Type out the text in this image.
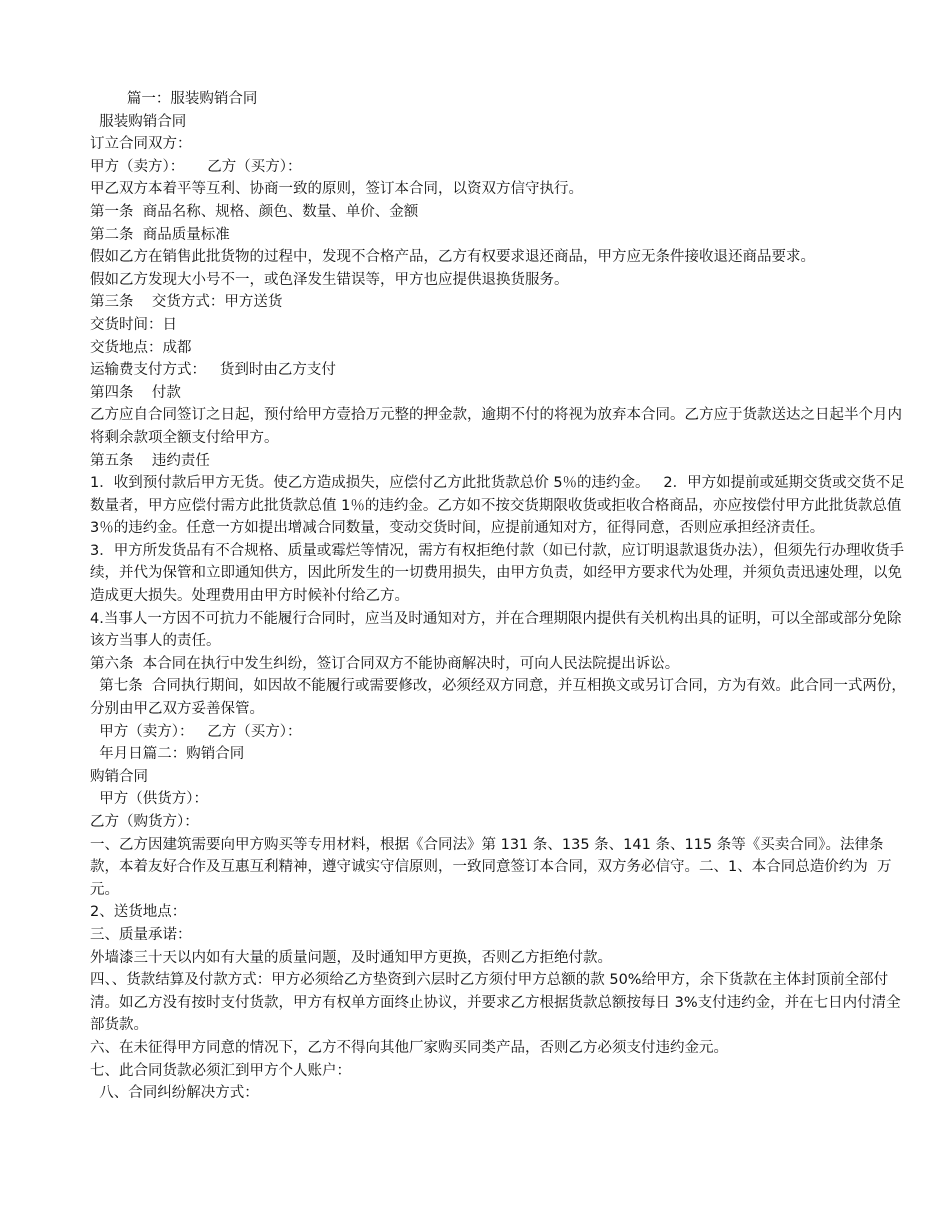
篇一：服装购销合同

服装购销合同

订立合同双方：

甲方（卖方）：     乙方（买方）：

甲乙双方本着平等互利、协商一致的原则，签订本合同，以资双方信守执行。

第一条  商品名称、规格、颜色、数量、单价、金额

第二条  商品质量标准

假如乙方在销售此批货物的过程中，发现不合格产品，乙方有权要求退还商品，甲方应无条件接收退还商品要求。

假如乙方发现大小号不一，或色泽发生错误等，甲方也应提供退换货服务。

第三条    交货方式：甲方送货

交货时间：日

交货地点：成都

运输费支付方式：   货到时由乙方支付

第四条    付款

乙方应自合同签订之日起，预付给甲方壹拾万元整的押金款，逾期不付的将视为放弃本合同。乙方应于货款送达之日起半个月内将剩余款项全额支付给甲方。

第五条    违约责任

1．收到预付款后甲方无货。使乙方造成损失，应偿付乙方此批货款总价 5％的违约金。   2．甲方如提前或延期交货或交货不足数量者，甲方应偿付需方此批货款总值 1％的违约金。乙方如不按交货期限收货或拒收合格商品，亦应按偿付甲方此批货款总值 3％的违约金。任意一方如提出增减合同数量，变动交货时间，应提前通知对方，征得同意，否则应承担经济责任。

3．甲方所发货品有不合规格、质量或霉烂等情况，需方有权拒绝付款（如已付款，应订明退款退货办法），但须先行办理收货手续，并代为保管和立即通知供方，因此所发生的一切费用损失，由甲方负责，如经甲方要求代为处理，并须负责迅速处理，以免造成更大损失。处理费用由甲方时候补付给乙方。

4.当事人一方因不可抗力不能履行合同时，应当及时通知对方，并在合理期限内提供有关机构出具的证明，可以全部或部分免除该方当事人的责任。

第六条  本合同在执行中发生纠纷，签订合同双方不能协商解决时，可向人民法院提出诉讼。

第七条  合同执行期间，如因故不能履行或需要修改，必须经双方同意，并互相换文或另订合同，方为有效。此合同一式两份，分别由甲乙双方妥善保管。

甲方（卖方）：   乙方（买方）：

年月日篇二：购销合同

购销合同

甲方（供货方）：

乙方（购货方）：

一、乙方因建筑需要向甲方购买等专用材料，根据《合同法》第 131 条、135 条、141 条、115 条等《买卖合同》。法律条款，本着友好合作及互惠互利精神，遵守诚实守信原则，一致同意签订本合同，双方务必信守。二、1、本合同总造价约为  万元。

2、送货地点：

三、质量承诺：

外墙漆三十天以内如有大量的质量问题，及时通知甲方更换，否则乙方拒绝付款。

四、、货款结算及付款方式：甲方必须给乙方垫资到六层时乙方须付甲方总额的款 50%给甲方，余下货款在主体封顶前全部付清。如乙方没有按时支付货款，甲方有权单方面终止协议，并要求乙方根据货款总额按每日 3%支付违约金，并在七日内付清全部货款。

六、在未征得甲方同意的情况下，乙方不得向其他厂家购买同类产品，否则乙方必须支付违约金元。

七、此合同货款必须汇到甲方个人账户：

八、合同纠纷解决方式：
